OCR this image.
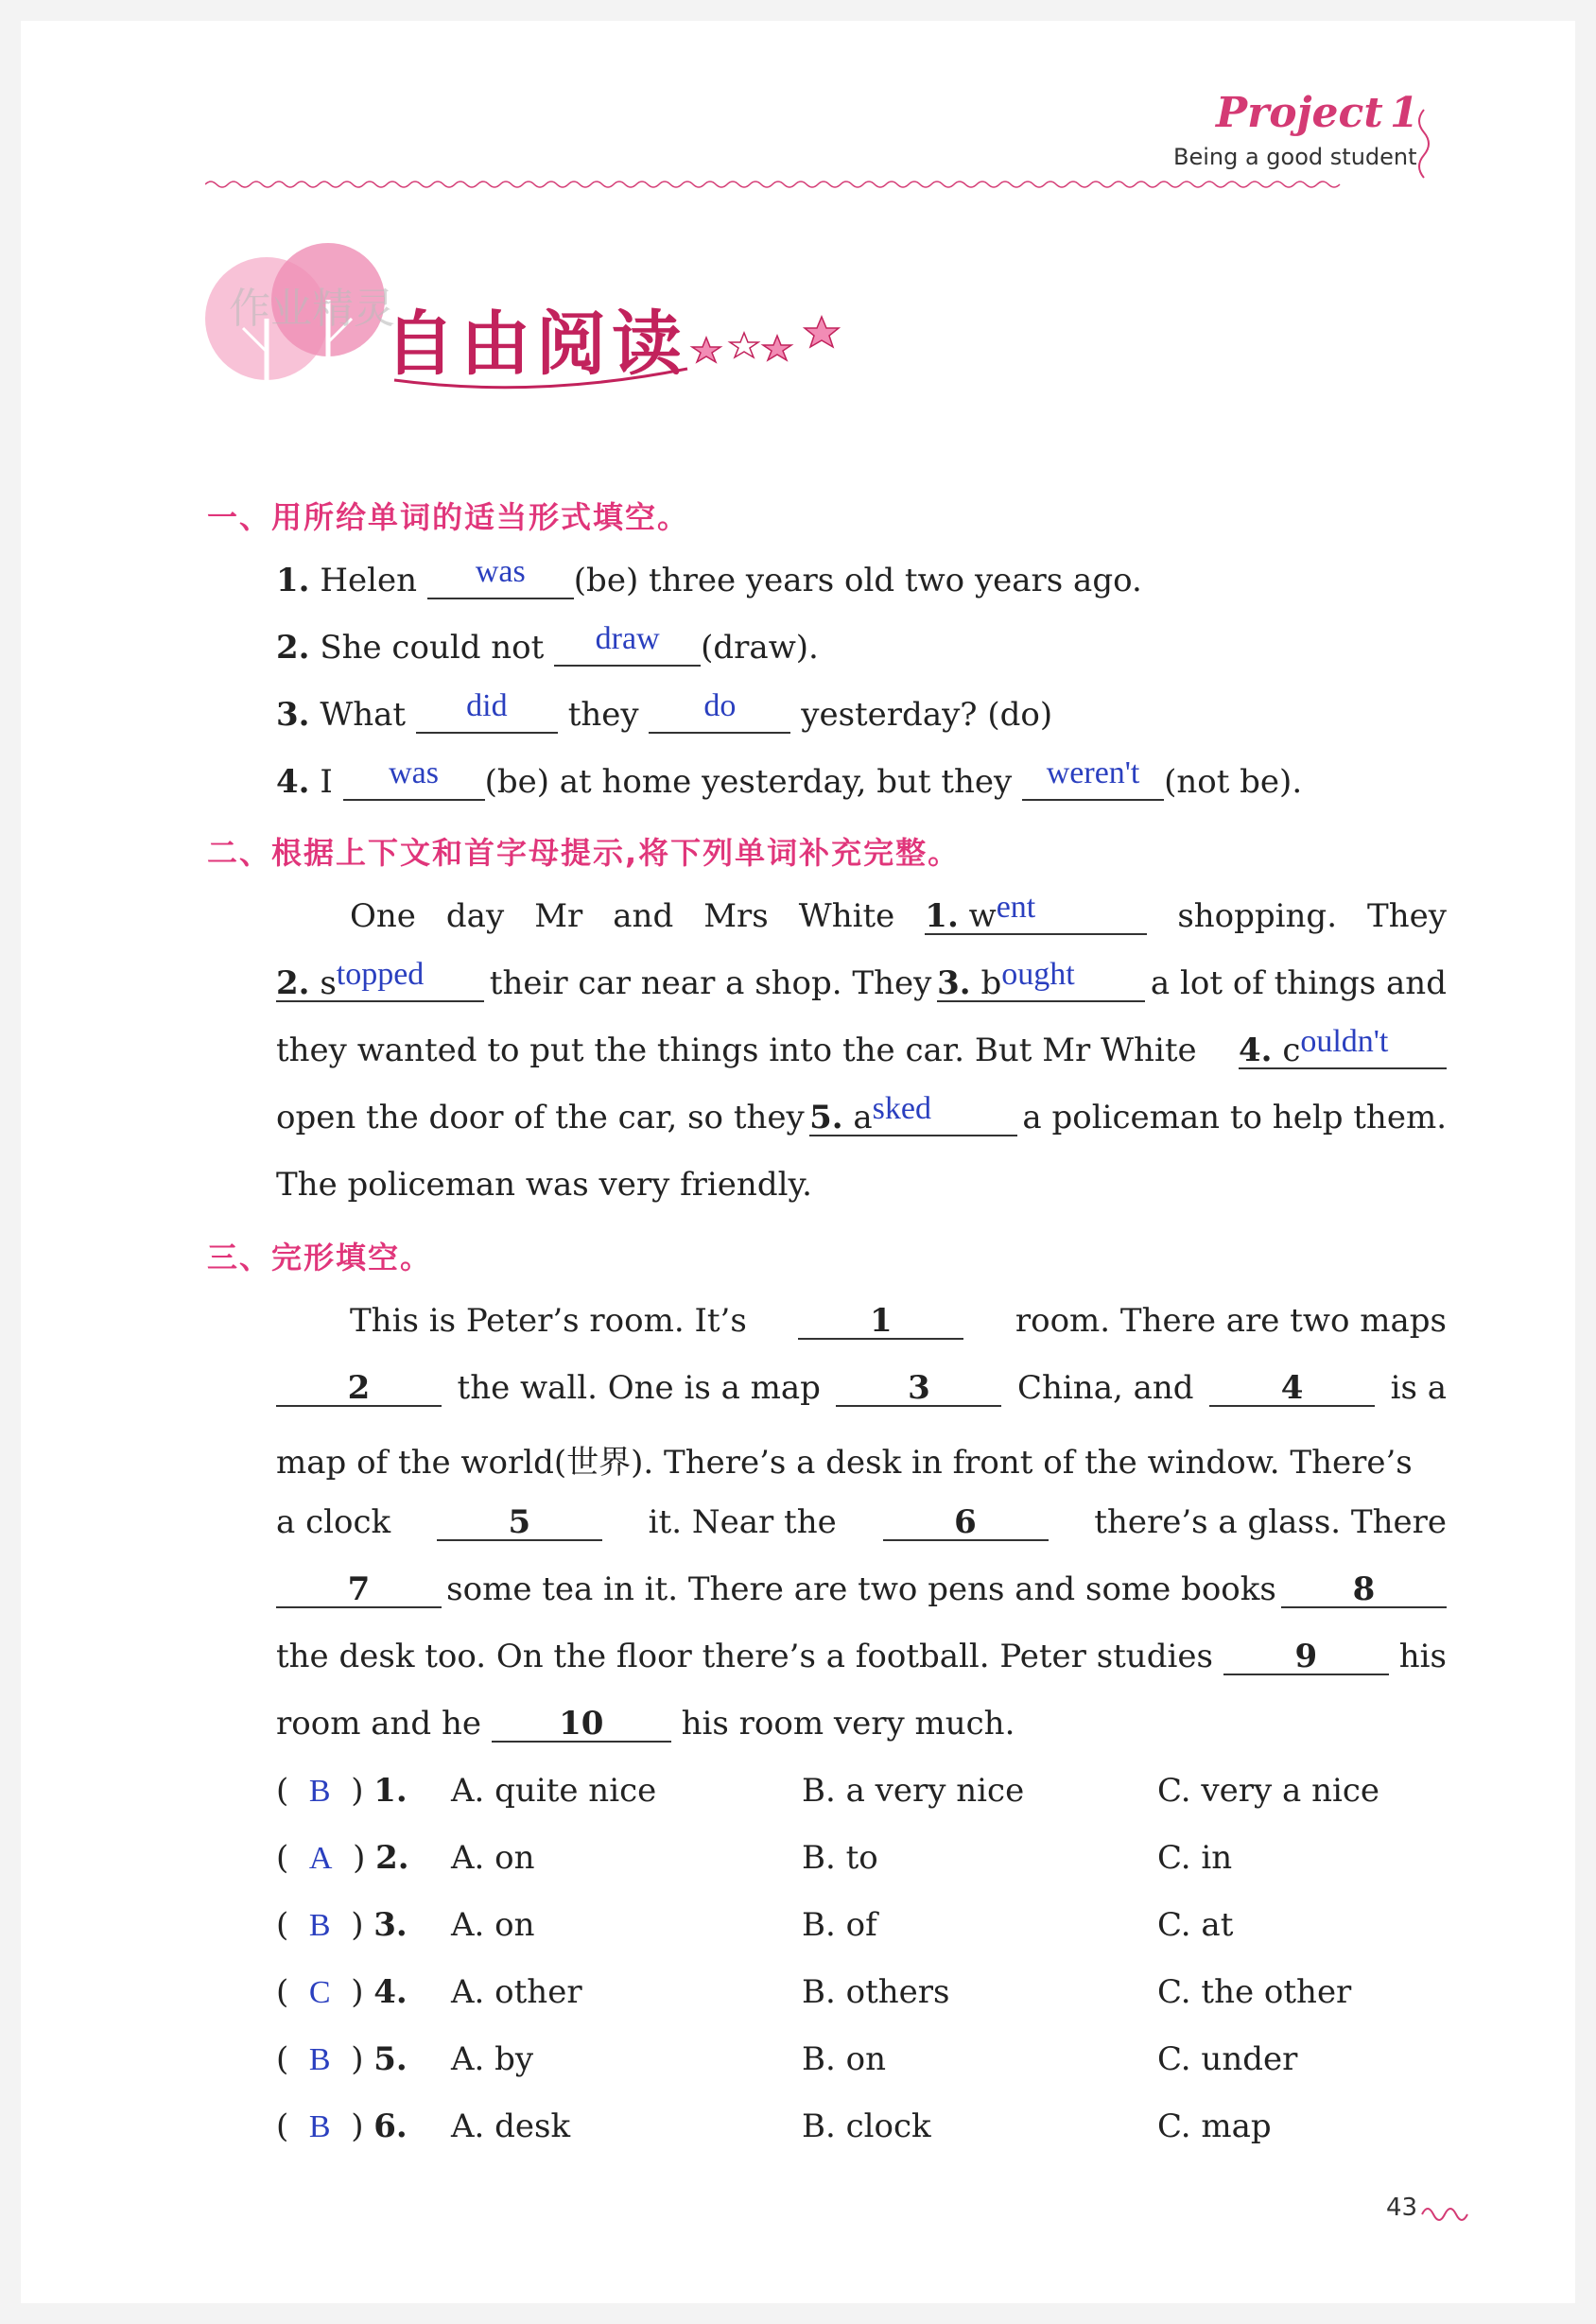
Project 1
Being a good student
作业精灵
自由阅读
一、用所给单词的适当形式填空。
1. Helen was (be) three years old two years ago.
2. She could not draw (draw).
3. What did they do yesterday? (do)
4. I was (be) at home yesterday, but they weren't (not be).
二、根据上下文和首字母提示,将下列单词补充完整。
One day Mr and Mrs White 1. went	shopping. They
2. stopped	their car near a shop. They 3. bought	a lot of things and
they wanted to put the things into the car. But Mr White 4. couldn't
open the door of the car, so they 5. asked	a policeman to help them.
The policeman was very friendly.
三、完形填空。
This is Peter’s room. It’s	1	room. There are two maps
2	the wall. One is a map	3	China, and	4	is a
map of the world(世界). There’s a desk in front of the window. There’s
a clock	5	it. Near the	6	there’s a glass. There
7	some tea in it. There are two pens and some books	8
the desk too. On the floor there’s a football. Peter studies	9	his
room and he 10 his room very much.
(  B  ) 1. A. quite nice	B. a very nice	C. very a nice
(  A  ) 2. A. on	B. to	C. in
(  B  ) 3. A. on	B. of	C. at
(  C  ) 4. A. other	B. others	C. the other
(  B  ) 5. A. by	B. on	C. under
(  B  ) 6. A. desk	B. clock	C. map
43
